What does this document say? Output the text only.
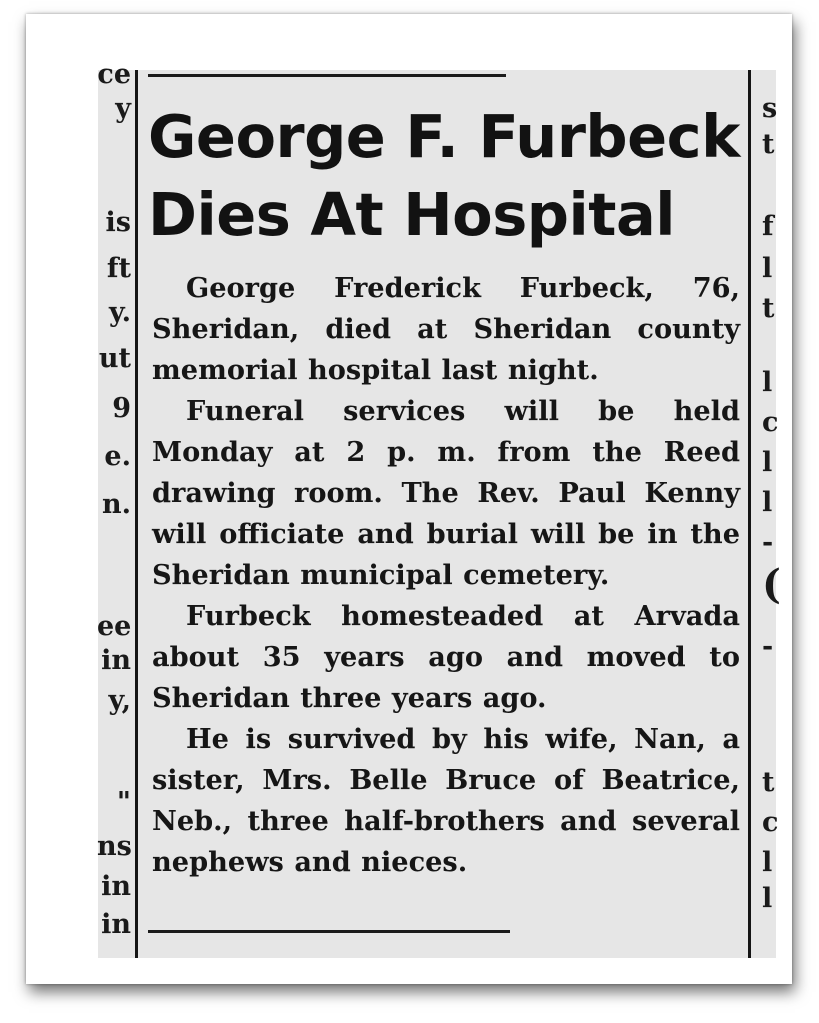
ce
y
is
ft
y.
ut
9
e.
n.
ee
in
y,
"
ns
in
in
s
t
f
l
t
l
c
l
l
-
(
-
t
c
l
l
George F. Furbeck
Dies At Hospital

George Frederick Furbeck, 76, Sheridan, died at Sheridan county memorial hospital last night.

Funeral services will be held Monday at 2 p. m. from the Reed drawing room. The Rev. Paul Kenny will officiate and burial will be in the Sheridan municipal cemetery.

Furbeck homesteaded at Arvada about 35 years ago and moved to Sheridan three years ago.

He is survived by his wife, Nan, a sister, Mrs. Belle Bruce of Beatrice, Neb., three half-brothers and several nephews and nieces.
